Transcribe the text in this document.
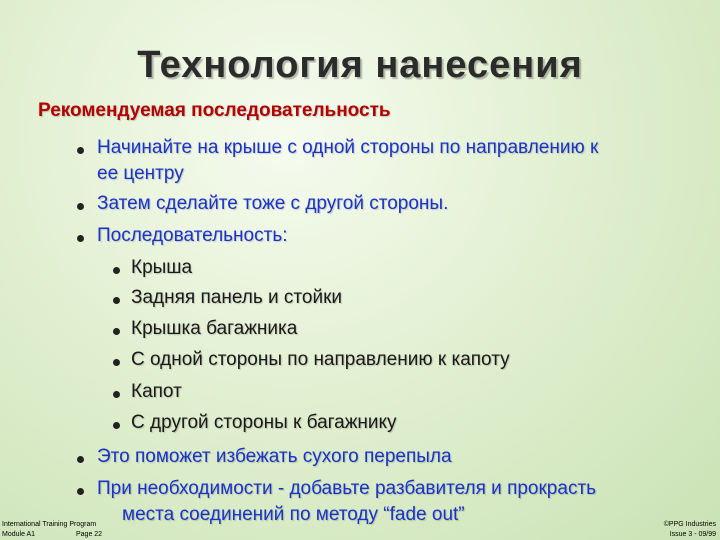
Технология нанесения
Рекомендуемая последовательность
Начинайте на крыше с одной стороны по направлению к
ее центру
Затем сделайте тоже с другой стороны.
Последовательность:
Крыша
Задняя панель и стойки
Крышка багажника
С одной стороны по направлению к капоту
Капот
С другой стороны к багажнику
Это поможет избежать сухого перепыла
При необходимости - добавьте разбавителя и прокрасть
места соединений по методу “fade out”
International Training Program
Module A1	Page 22
©PPG Industries
Issue 3 - 09/99
